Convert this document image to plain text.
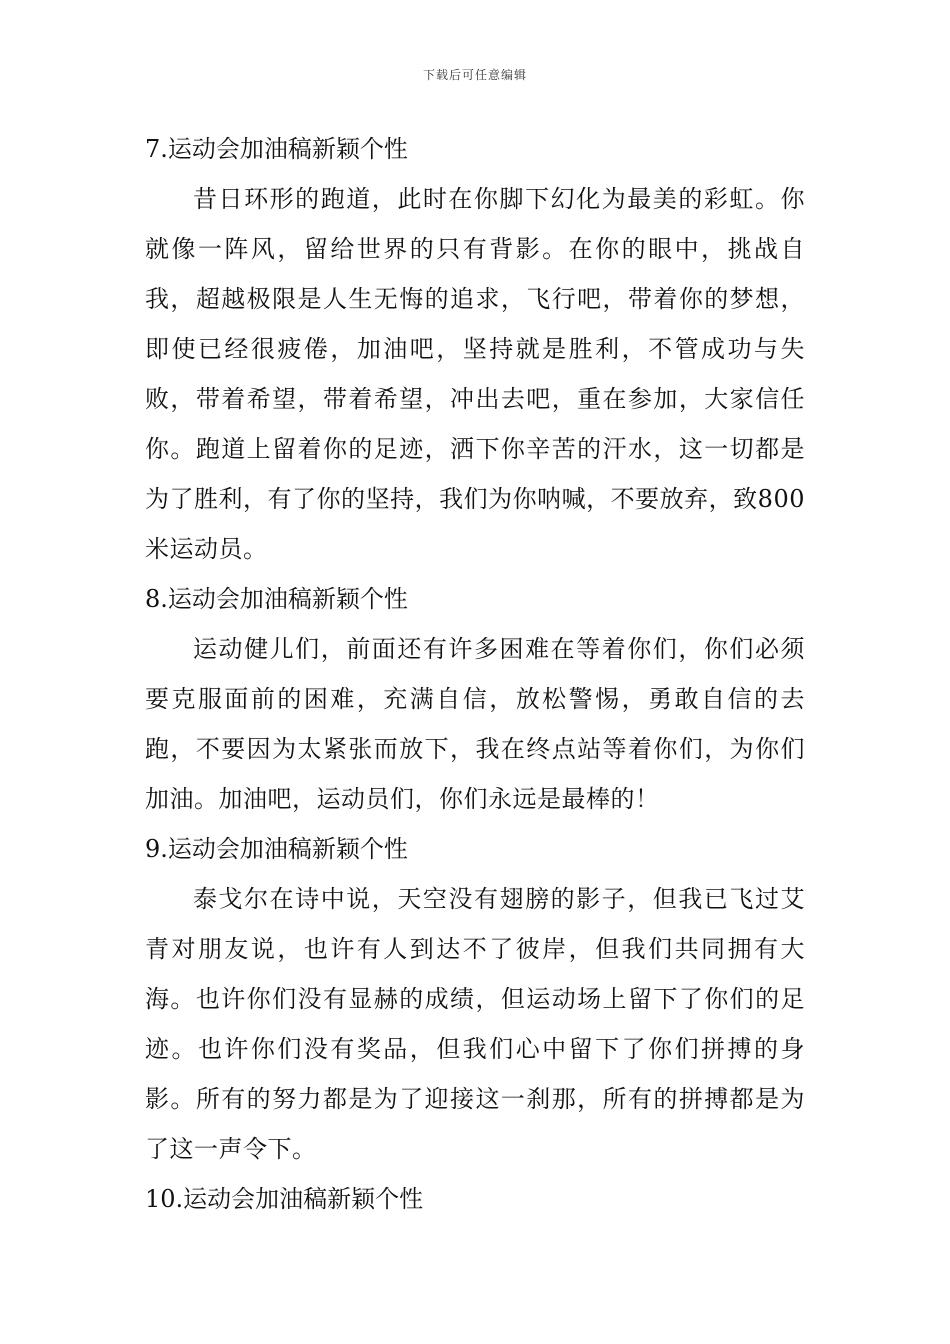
下载后可任意编辑
7.运动会加油稿新颖个性

昔日环形的跑道，此时在你脚下幻化为最美的彩虹。你就像一阵风，留给世界的只有背影。在你的眼中，挑战自我，超越极限是人生无悔的追求，飞行吧，带着你的梦想，即使已经很疲倦，加油吧，坚持就是胜利，不管成功与失败，带着希望，带着希望，冲出去吧，重在参加，大家信任你。跑道上留着你的足迹，洒下你辛苦的汗水，这一切都是为了胜利，有了你的坚持，我们为你呐喊，不要放弃，致800米运动员。

8.运动会加油稿新颖个性

运动健儿们，前面还有许多困难在等着你们，你们必须要克服面前的困难，充满自信，放松警惕，勇敢自信的去跑，不要因为太紧张而放下，我在终点站等着你们，为你们加油。加油吧，运动员们，你们永远是最棒的！

9.运动会加油稿新颖个性

泰戈尔在诗中说，天空没有翅膀的影子，但我已飞过艾青对朋友说，也许有人到达不了彼岸，但我们共同拥有大海。也许你们没有显赫的成绩，但运动场上留下了你们的足迹。也许你们没有奖品，但我们心中留下了你们拼搏的身影。所有的努力都是为了迎接这一刹那，所有的拼搏都是为了这一声令下。

10.运动会加油稿新颖个性
